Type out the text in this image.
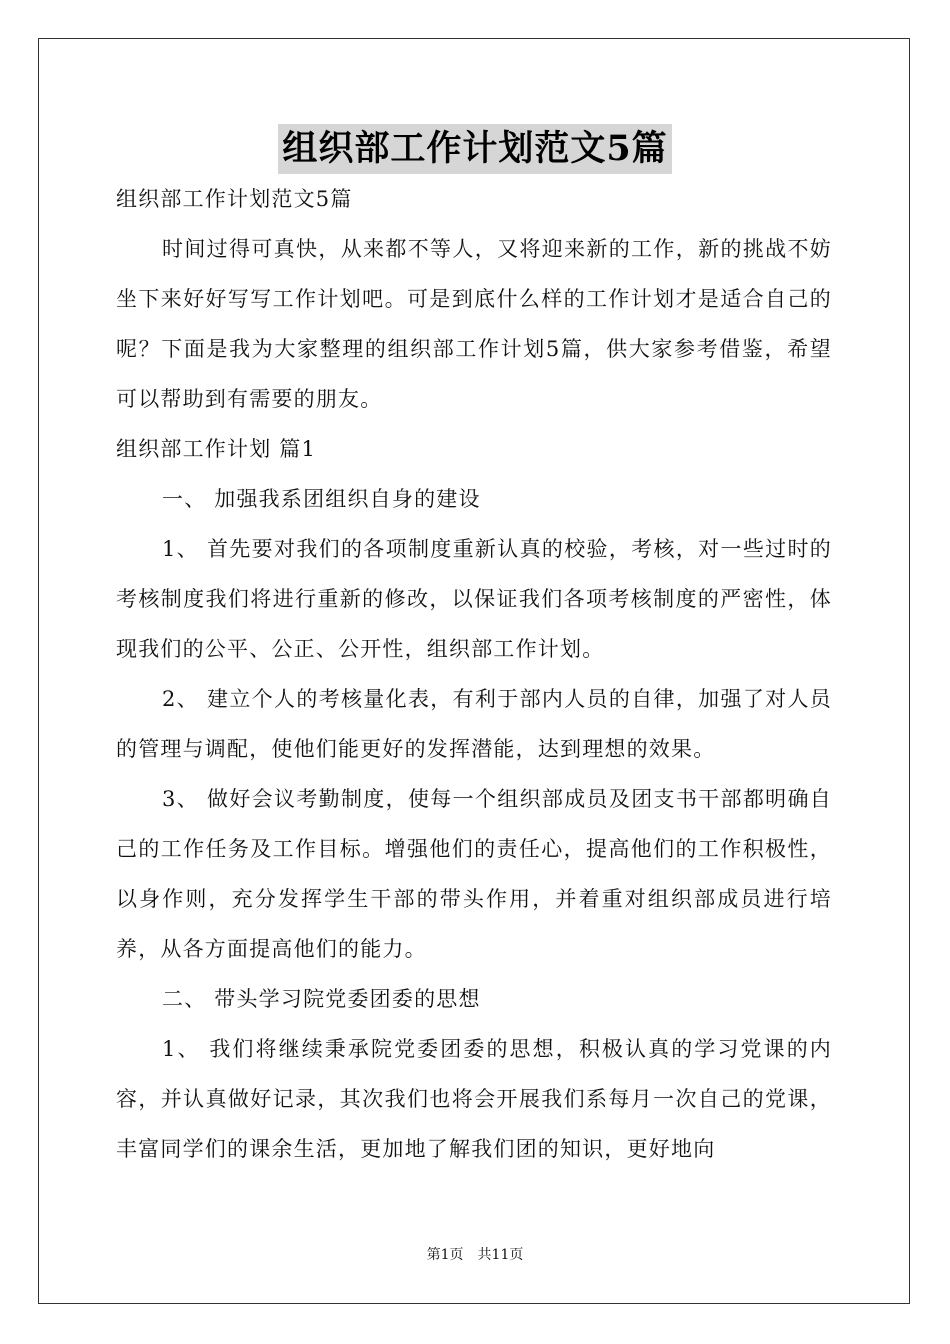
组织部工作计划范文5篇

组织部工作计划范文5篇

时间过得可真快，从来都不等人，又将迎来新的工作，新的挑战不妨坐下来好好写写工作计划吧。可是到底什么样的工作计划才是适合自己的呢？下面是我为大家整理的组织部工作计划5篇，供大家参考借鉴，希望可以帮助到有需要的朋友。

组织部工作计划 篇1

一、 加强我系团组织自身的建设

1、 首先要对我们的各项制度重新认真的校验，考核，对一些过时的考核制度我们将进行重新的修改，以保证我们各项考核制度的严密性，体现我们的公平、公正、公开性，组织部工作计划。

2、 建立个人的考核量化表，有利于部内人员的自律，加强了对人员的管理与调配，使他们能更好的发挥潜能，达到理想的效果。

3、 做好会议考勤制度，使每一个组织部成员及团支书干部都明确自己的工作任务及工作目标。增强他们的责任心，提高他们的工作积极性，以身作则，充分发挥学生干部的带头作用，并着重对组织部成员进行培养，从各方面提高他们的能力。

二、 带头学习院党委团委的思想

1、 我们将继续秉承院党委团委的思想，积极认真的学习党课的内容，并认真做好记录，其次我们也将会开展我们系每月一次自己的党课，丰富同学们的课余生活，更加地了解我们团的知识，更好地向

第1页　共11页
